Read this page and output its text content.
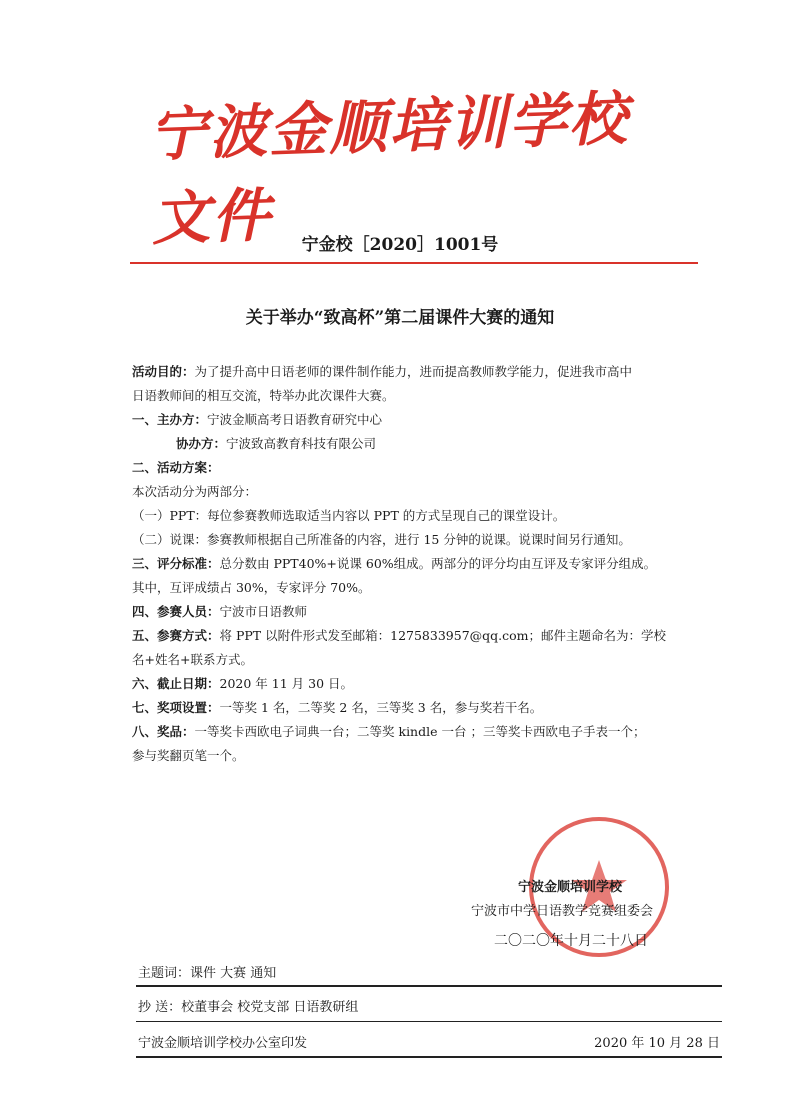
宁波金顺培训学校文件	宁金校［2020］1001号
关于举办“致高杯”第二届课件大赛的通知
活动目的：为了提升高中日语老师的课件制作能力，进而提高教师教学能力，促进我市高中
日语教师间的相互交流，特举办此次课件大赛。
一、主办方：宁波金顺高考日语教育研究中心
协办方：宁波致高教育科技有限公司
二、活动方案：
本次活动分为两部分：
（一）PPT：每位参赛教师选取适当内容以 PPT 的方式呈现自己的课堂设计。
（二）说课：参赛教师根据自己所准备的内容，进行 15 分钟的说课。说课时间另行通知。
三、评分标准：总分数由 PPT40%+说课 60%组成。两部分的评分均由互评及专家评分组成。
其中，互评成绩占 30%，专家评分 70%。
四、参赛人员：宁波市日语教师
五、参赛方式：将 PPT 以附件形式发至邮箱：1275833957@qq.com；邮件主题命名为：学校
名+姓名+联系方式。
六、截止日期：2020 年 11 月 30 日。
七、奖项设置：一等奖 1 名，二等奖 2 名，三等奖 3 名，参与奖若干名。
八、奖品：一等奖卡西欧电子词典一台；二等奖 kindle 一台 ；三等奖卡西欧电子手表一个；
参与奖翻页笔一个。
宁波金顺培训学校
宁波市中学日语教学竞赛组委会
二〇二〇年十月二十八日
主题词：课件 大赛 通知
抄 送：校董事会 校党支部 日语教研组
宁波金顺培训学校办公室印发	2020 年 10 月 28 日
